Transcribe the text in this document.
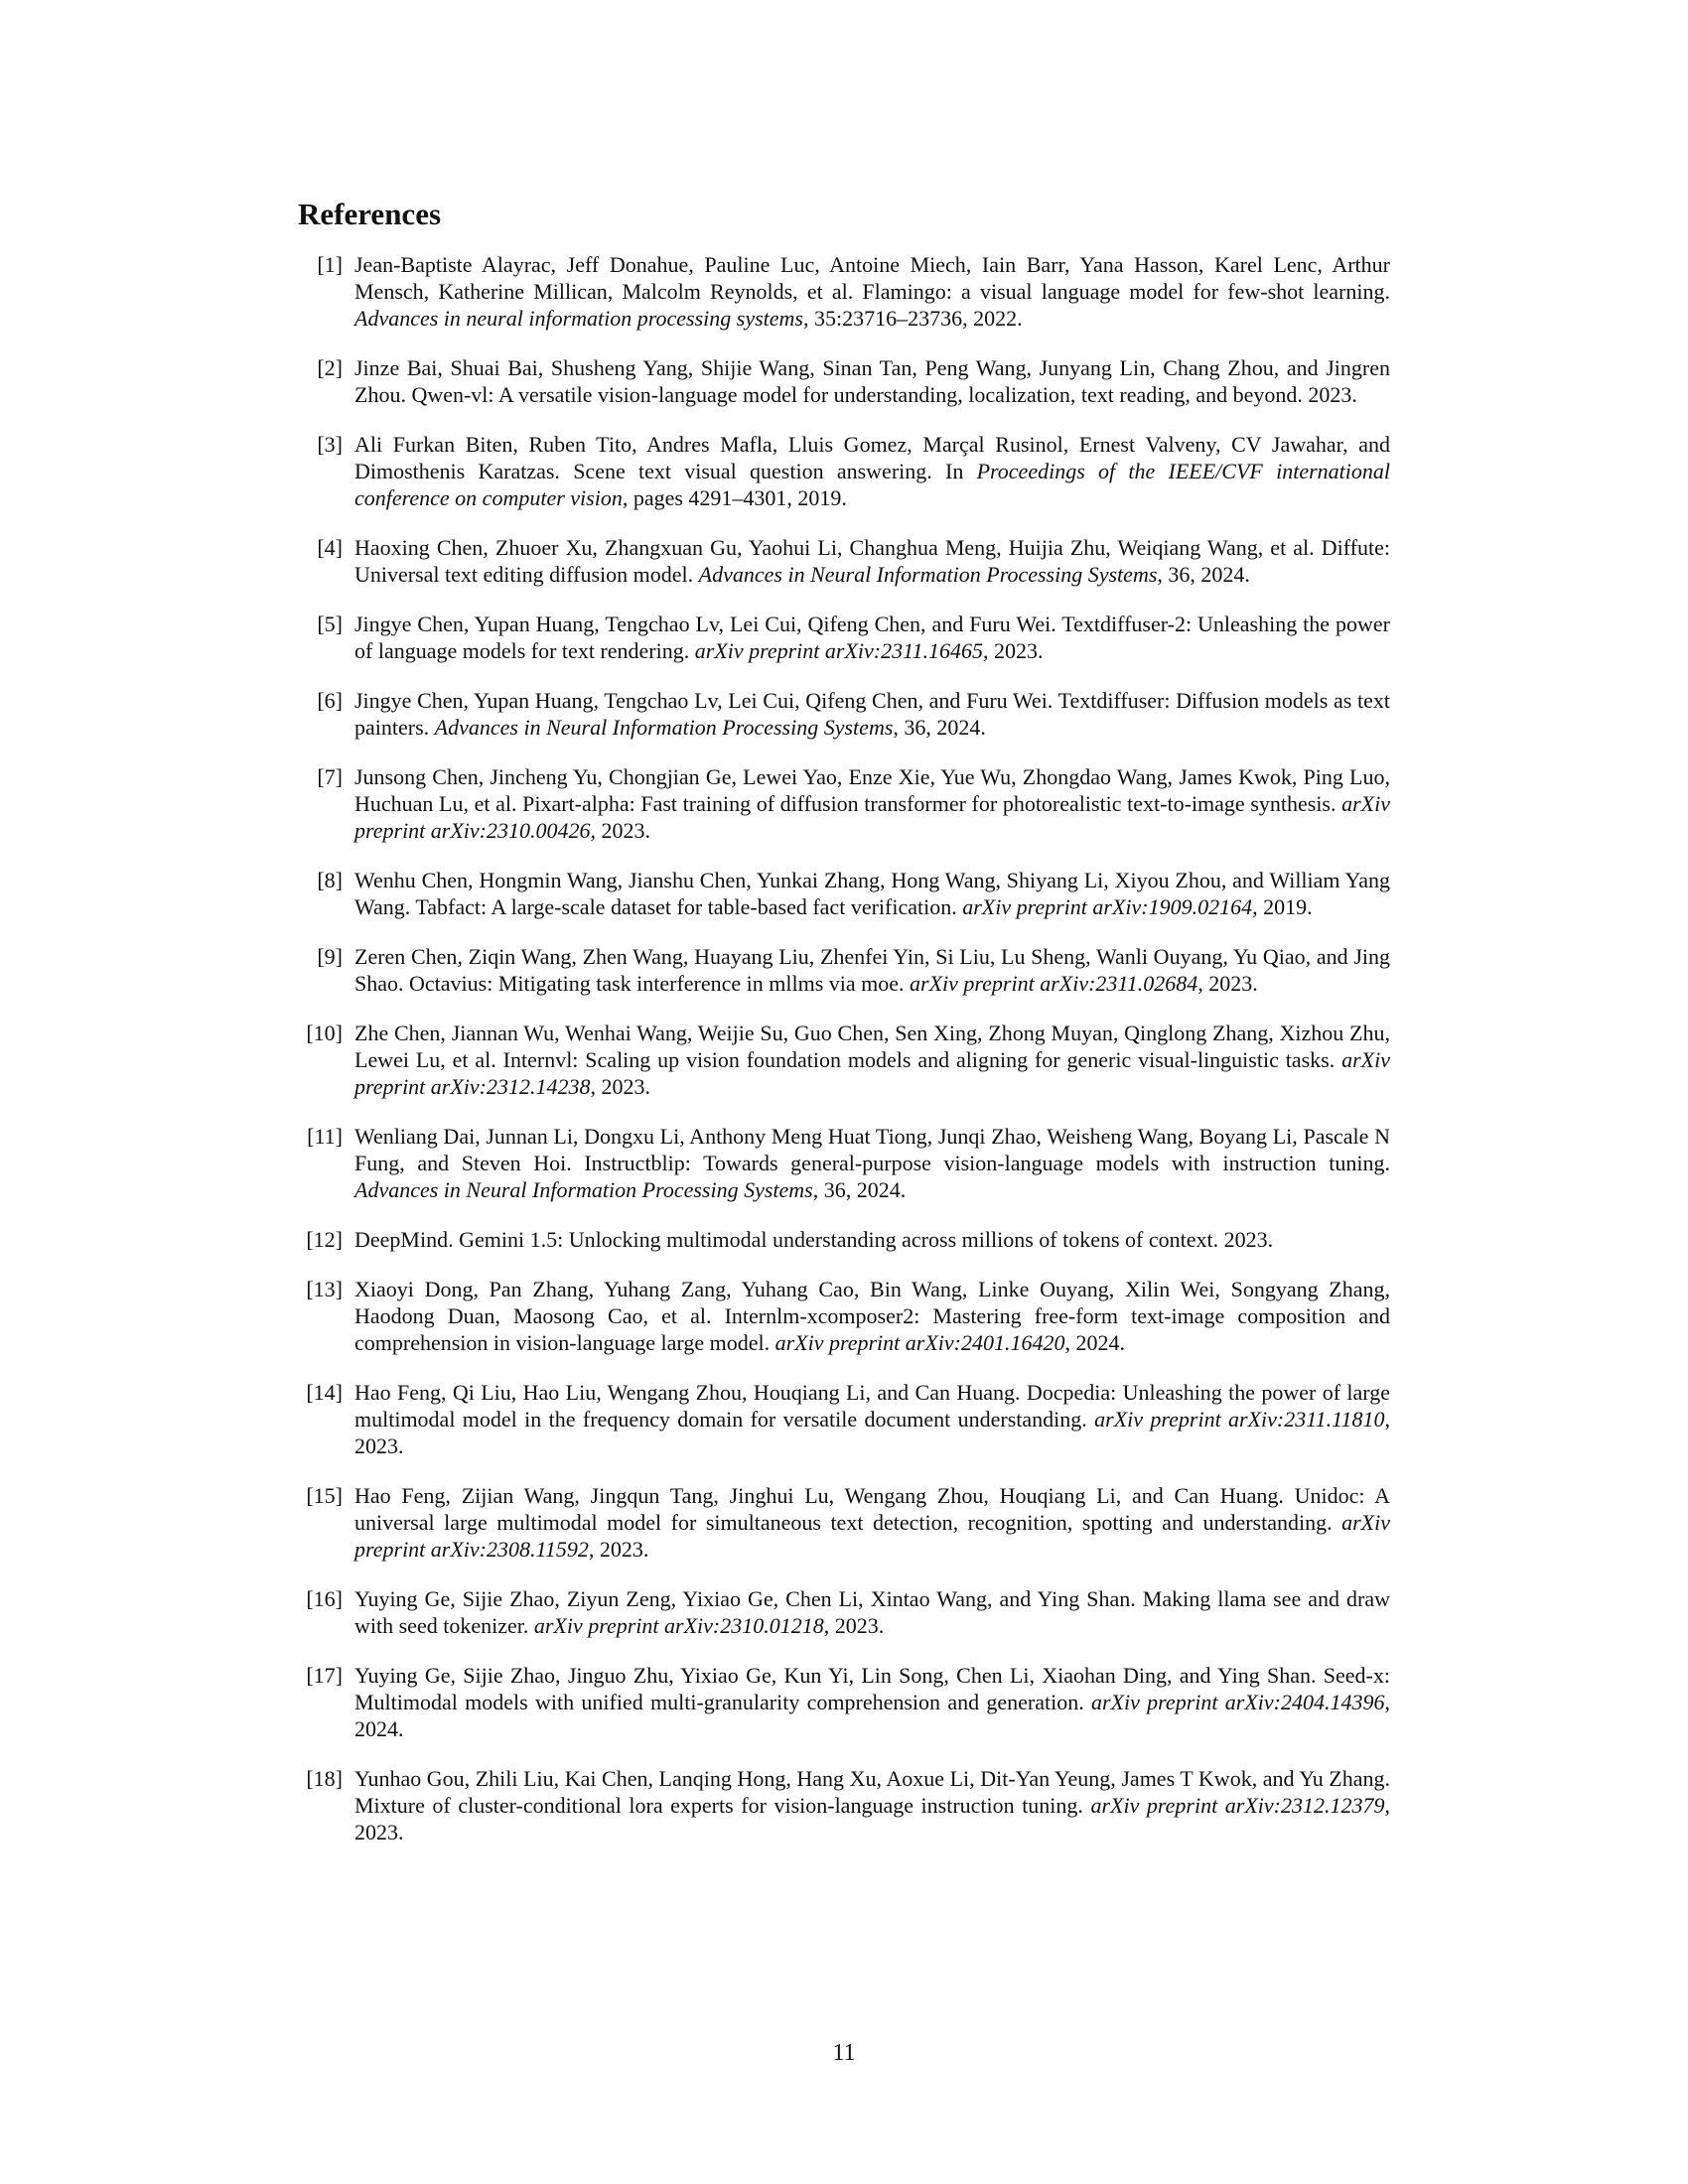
References
[1] Jean-Baptiste Alayrac, Jeff Donahue, Pauline Luc, Antoine Miech, Iain Barr, Yana Hasson, Karel Lenc, Arthur Mensch, Katherine Millican, Malcolm Reynolds, et al. Flamingo: a visual language model for few-shot learning. Advances in neural information processing systems, 35:23716–23736, 2022.
[2] Jinze Bai, Shuai Bai, Shusheng Yang, Shijie Wang, Sinan Tan, Peng Wang, Junyang Lin, Chang Zhou, and Jingren Zhou. Qwen-vl: A versatile vision-language model for understanding, localization, text reading, and beyond. 2023.
[3] Ali Furkan Biten, Ruben Tito, Andres Mafla, Lluis Gomez, Marçal Rusinol, Ernest Valveny, CV Jawahar, and Dimosthenis Karatzas. Scene text visual question answering. In Proceedings of the IEEE/CVF international conference on computer vision, pages 4291–4301, 2019.
[4] Haoxing Chen, Zhuoer Xu, Zhangxuan Gu, Yaohui Li, Changhua Meng, Huijia Zhu, Weiqiang Wang, et al. Diffute: Universal text editing diffusion model. Advances in Neural Information Processing Systems, 36, 2024.
[5] Jingye Chen, Yupan Huang, Tengchao Lv, Lei Cui, Qifeng Chen, and Furu Wei. Textdiffuser-2: Unleashing the power of language models for text rendering. arXiv preprint arXiv:2311.16465, 2023.
[6] Jingye Chen, Yupan Huang, Tengchao Lv, Lei Cui, Qifeng Chen, and Furu Wei. Textdiffuser: Diffusion models as text painters. Advances in Neural Information Processing Systems, 36, 2024.
[7] Junsong Chen, Jincheng Yu, Chongjian Ge, Lewei Yao, Enze Xie, Yue Wu, Zhongdao Wang, James Kwok, Ping Luo, Huchuan Lu, et al. Pixart-alpha: Fast training of diffusion transformer for photorealistic text-to-image synthesis. arXiv preprint arXiv:2310.00426, 2023.
[8] Wenhu Chen, Hongmin Wang, Jianshu Chen, Yunkai Zhang, Hong Wang, Shiyang Li, Xiyou Zhou, and William Yang Wang. Tabfact: A large-scale dataset for table-based fact verification. arXiv preprint arXiv:1909.02164, 2019.
[9] Zeren Chen, Ziqin Wang, Zhen Wang, Huayang Liu, Zhenfei Yin, Si Liu, Lu Sheng, Wanli Ouyang, Yu Qiao, and Jing Shao. Octavius: Mitigating task interference in mllms via moe. arXiv preprint arXiv:2311.02684, 2023.
[10] Zhe Chen, Jiannan Wu, Wenhai Wang, Weijie Su, Guo Chen, Sen Xing, Zhong Muyan, Qinglong Zhang, Xizhou Zhu, Lewei Lu, et al. Internvl: Scaling up vision foundation models and aligning for generic visual-linguistic tasks. arXiv preprint arXiv:2312.14238, 2023.
[11] Wenliang Dai, Junnan Li, Dongxu Li, Anthony Meng Huat Tiong, Junqi Zhao, Weisheng Wang, Boyang Li, Pascale N Fung, and Steven Hoi. Instructblip: Towards general-purpose vision-language models with instruction tuning. Advances in Neural Information Processing Systems, 36, 2024.
[12] DeepMind. Gemini 1.5: Unlocking multimodal understanding across millions of tokens of context. 2023.
[13] Xiaoyi Dong, Pan Zhang, Yuhang Zang, Yuhang Cao, Bin Wang, Linke Ouyang, Xilin Wei, Songyang Zhang, Haodong Duan, Maosong Cao, et al. Internlm-xcomposer2: Mastering free-form text-image composition and comprehension in vision-language large model. arXiv preprint arXiv:2401.16420, 2024.
[14] Hao Feng, Qi Liu, Hao Liu, Wengang Zhou, Houqiang Li, and Can Huang. Docpedia: Unleashing the power of large multimodal model in the frequency domain for versatile document understanding. arXiv preprint arXiv:2311.11810, 2023.
[15] Hao Feng, Zijian Wang, Jingqun Tang, Jinghui Lu, Wengang Zhou, Houqiang Li, and Can Huang. Unidoc: A universal large multimodal model for simultaneous text detection, recognition, spotting and understanding. arXiv preprint arXiv:2308.11592, 2023.
[16] Yuying Ge, Sijie Zhao, Ziyun Zeng, Yixiao Ge, Chen Li, Xintao Wang, and Ying Shan. Making llama see and draw with seed tokenizer. arXiv preprint arXiv:2310.01218, 2023.
[17] Yuying Ge, Sijie Zhao, Jinguo Zhu, Yixiao Ge, Kun Yi, Lin Song, Chen Li, Xiaohan Ding, and Ying Shan. Seed-x: Multimodal models with unified multi-granularity comprehension and generation. arXiv preprint arXiv:2404.14396, 2024.
[18] Yunhao Gou, Zhili Liu, Kai Chen, Lanqing Hong, Hang Xu, Aoxue Li, Dit-Yan Yeung, James T Kwok, and Yu Zhang. Mixture of cluster-conditional lora experts for vision-language instruction tuning. arXiv preprint arXiv:2312.12379, 2023.
11
